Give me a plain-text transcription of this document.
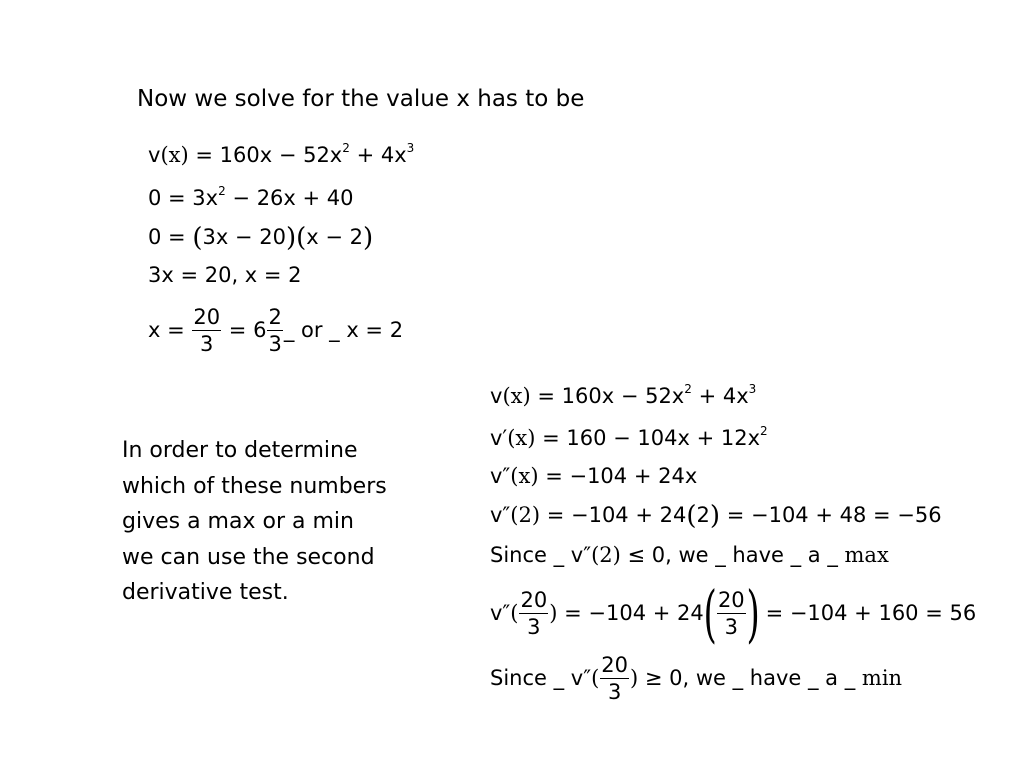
Now we solve for the value x has to be
$v(x) = 160x - 52x^2 + 4x^3$
$0 = 3x^2 - 26x + 40$
0 = (3x − 20)(x − 2)
3x = 20, x = 2
$x = \frac{20}{3} = 6 \frac{2}{3}$ _ or _ x = 2
In order to determine which of these numbers gives a max or a min we can use the second derivative test.
$v(x) = 160x - 52x^2 + 4x^3$
$v'(x) = 160 - 104x + 12x^2$
v″(x) = −104 + 24x
v″(2) = −104 + 24(2) = −104 + 48 = −56
Since _ v″(2) ≤ 0, we _ have _ a _ max
$v''( \frac{20}{3}$ ) = $-104 + 24( \frac{20}{3}$ ) = −104 + 160 = 56
Since _ $v''( \frac{20}{3}$ ) ≥ 0, we _ have _ a _ min
